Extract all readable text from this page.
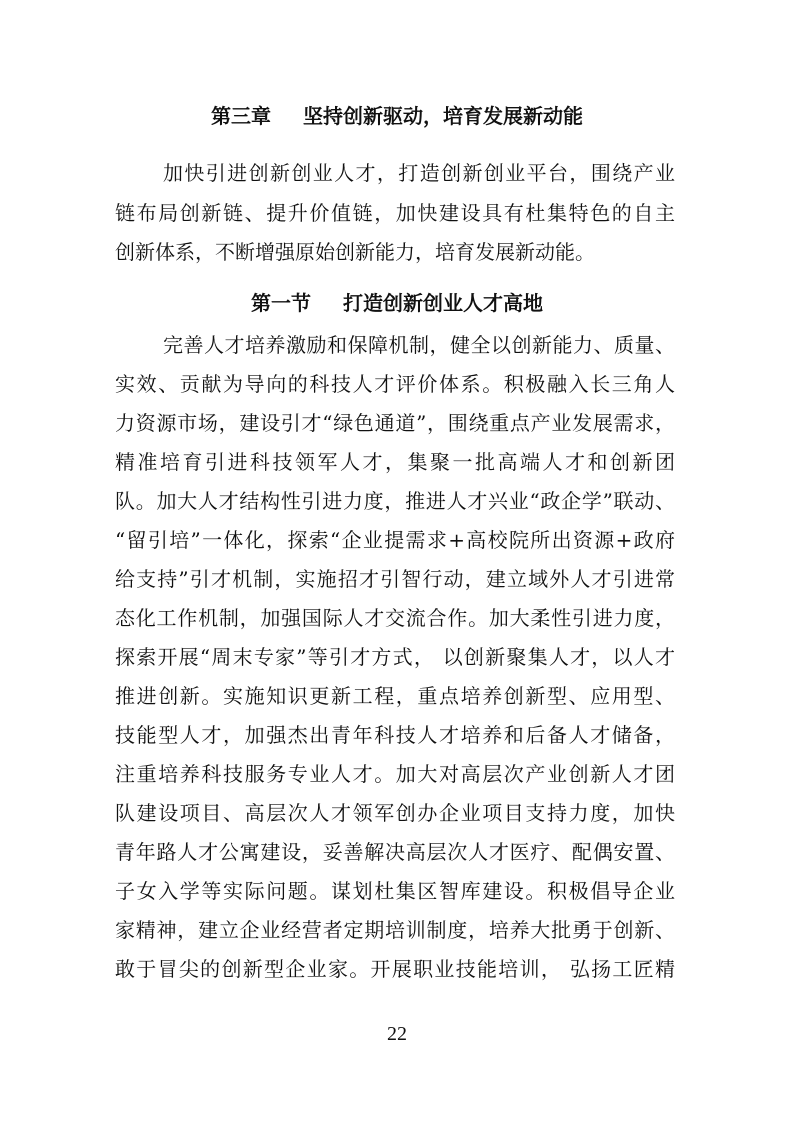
第三章 坚持创新驱动，培育发展新动能
加快引进创新创业人才，打造创新创业平台，围绕产业
链布局创新链、提升价值链，加快建设具有杜集特色的自主
创新体系，不断增强原始创新能力，培育发展新动能。
第一节 打造创新创业人才高地
完善人才培养激励和保障机制，健全以创新能力、质量、
实效、贡献为导向的科技人才评价体系。积极融入长三角人
力资源市场，建设引才“绿色通道”，围绕重点产业发展需求，
精准培育引进科技领军人才，集聚一批高端人才和创新团
队。加大人才结构性引进力度，推进人才兴业“政企学”联动、
“留引培”一体化，探索“企业提需求+高校院所出资源+政府
给支持”引才机制，实施招才引智行动，建立域外人才引进常
态化工作机制，加强国际人才交流合作。加大柔性引进力度，
探索开展“周末专家”等引才方式， 以创新聚集人才，以人才
推进创新。实施知识更新工程，重点培养创新型、应用型、
技能型人才，加强杰出青年科技人才培养和后备人才储备，
注重培养科技服务专业人才。加大对高层次产业创新人才团
队建设项目、高层次人才领军创办企业项目支持力度，加快
青年路人才公寓建设，妥善解决高层次人才医疗、配偶安置、
子女入学等实际问题。谋划杜集区智库建设。积极倡导企业
家精神，建立企业经营者定期培训制度，培养大批勇于创新、
敢于冒尖的创新型企业家。开展职业技能培训， 弘扬工匠精
22
